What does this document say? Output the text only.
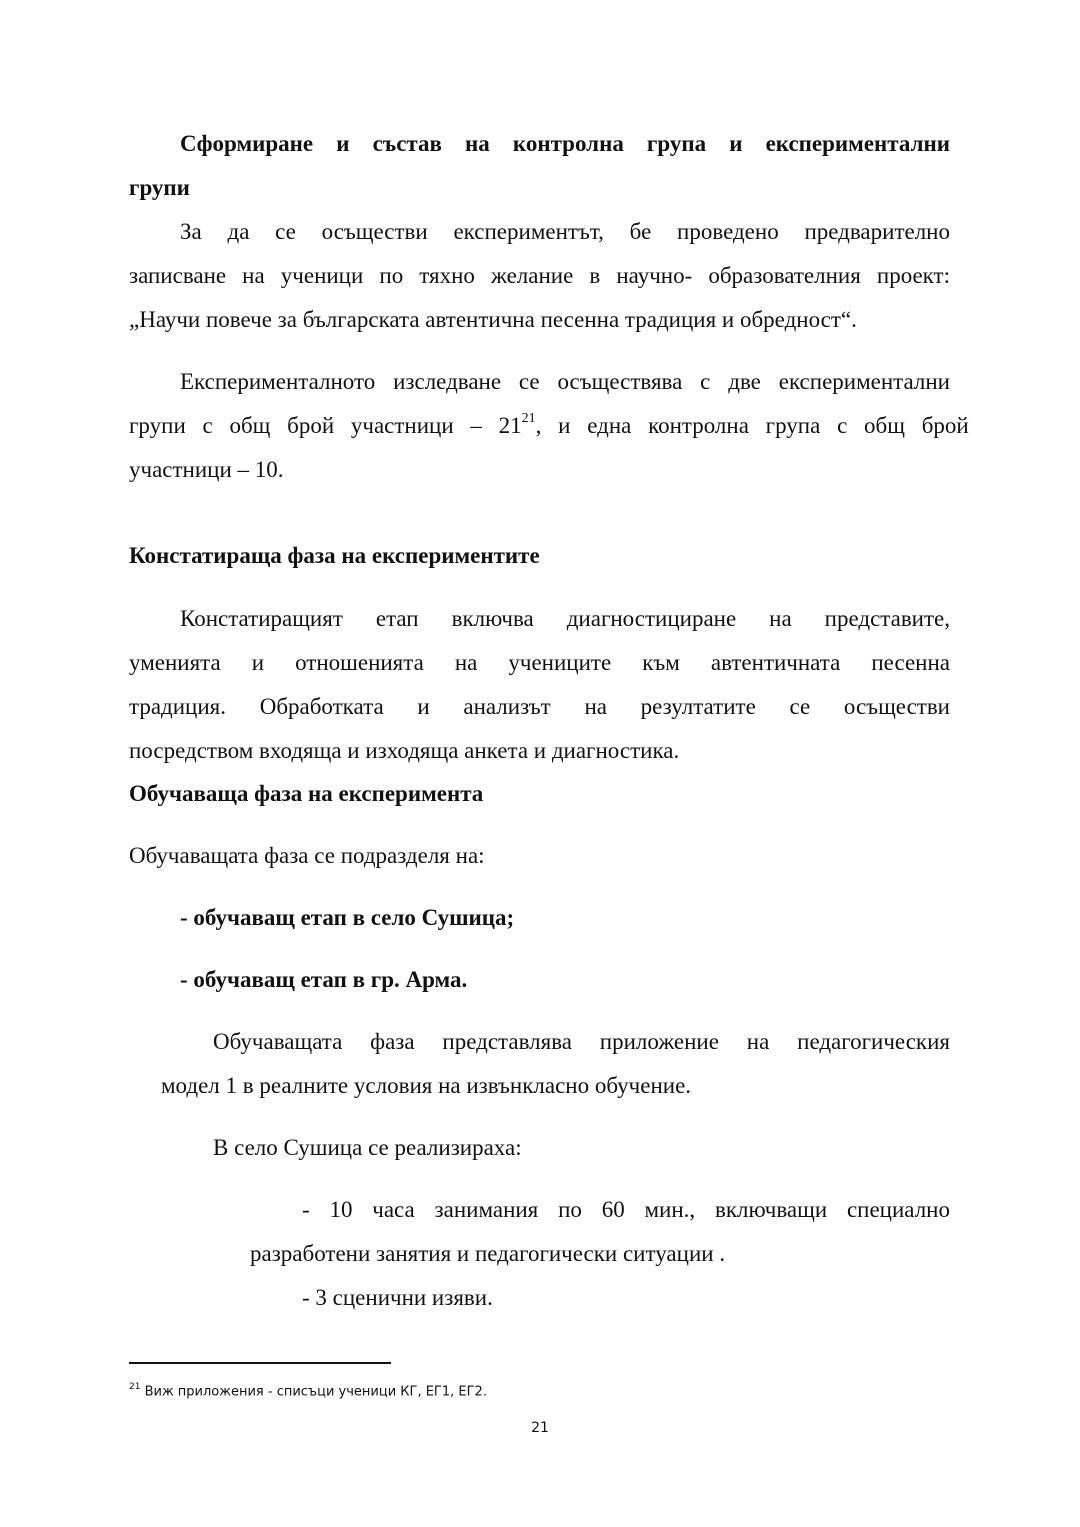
Сформиране и състав на контролна група и експериментални

групи

За да се осъществи експериментът, бе проведено предварително

записване на ученици по тяхно желание в научно- образователния проект:

„Научи повече за българската автентична песенна традиция и обредност“.

Експерименталното изследване се осъществява с две експериментални

групи с общ брой участници – 21$^{21}$ , и една контролна група с общ брой

участници – 10.

Констатираща фаза на експериментите

Констатиращият етап включва диагностициране на представите,

уменията и отношенията на учениците към автентичната песенна

традиция. Обработката и анализът на резултатите се осъществи

посредством входяща и изходяща анкета и диагностика.

Обучаваща фаза на експеримента

Обучаващата фаза се подразделя на:

- обучаващ етап в село Сушица;

- обучаващ етап в гр. Арма.

Обучаващата фаза представлява приложение на педагогическия

модел 1 в реалните условия на извънкласно обучение.

В село Сушица се реализираха:

- 10 часа занимания по 60 мин., включващи специално

разработени занятия и педагогически ситуации .

- 3 сценични изяви.

$^{21}$ Виж приложения - списъци ученици КГ, ЕГ1, ЕГ2.
21
